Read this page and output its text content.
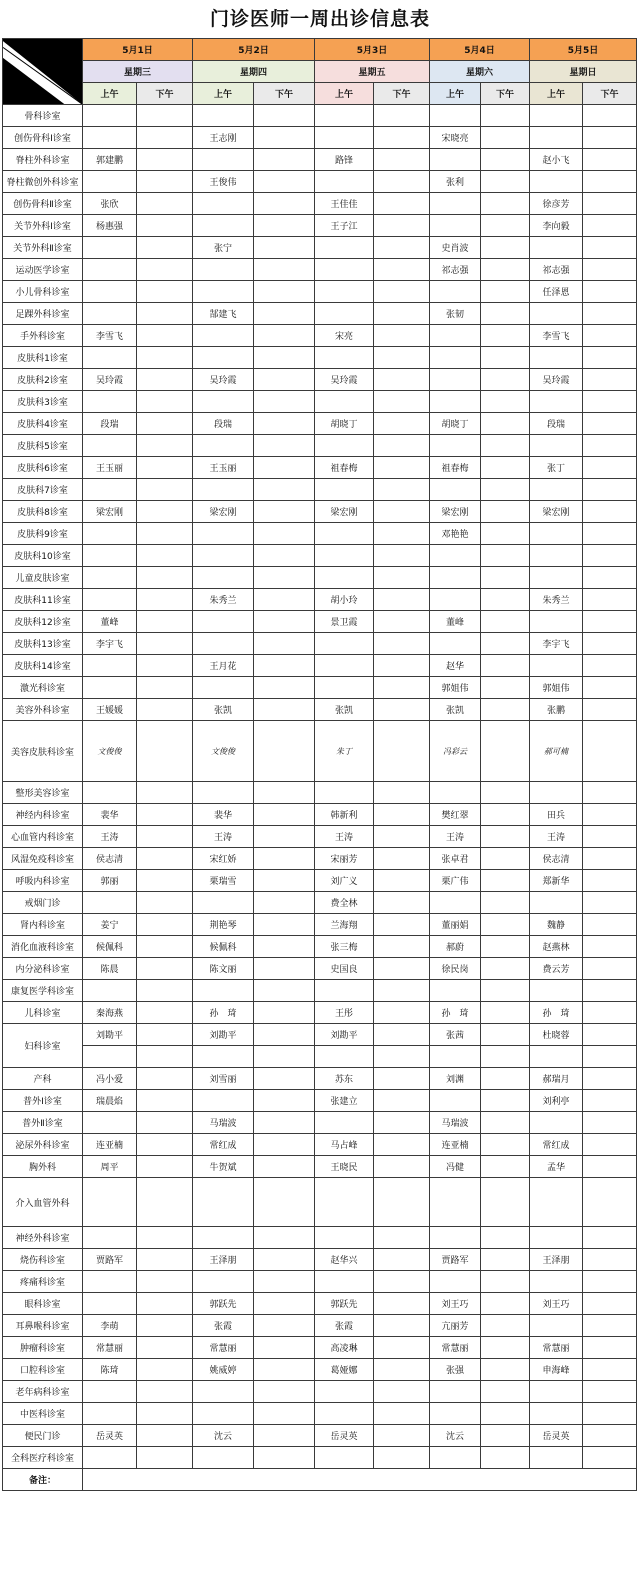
门诊医师一周出诊信息表
	5月1日		5月2日		5月3日		5月4日		5月5日	
	星期三		星期四		星期五		星期六		星期日	
	上午	下午	上午	下午	上午	下午	上午	下午	上午	下午
骨科诊室										
创伤骨科Ⅰ诊室			王志刚				宋晓亮			
脊柱外科诊室	郭建鹏				路锋				赵小飞	
脊柱微创外科诊室			王俊伟				张利			
创伤骨科Ⅱ诊室	张欣				王佳佳				徐彦芳	
关节外科Ⅰ诊室	杨惠强				王子江				李向毅	
关节外科Ⅱ诊室			张宁				史肖波			
运动医学诊室							祁志强		祁志强	
小儿骨科诊室									任泽恩	
足踝外科诊室			郜建飞				张韧			
手外科诊室	李雪飞				宋亮				李雪飞	
皮肤科1诊室										
皮肤科2诊室	吴玲霞		吴玲霞		吴玲霞				吴玲霞	
皮肤科3诊室										
皮肤科4诊室	段瑞		段瑞		胡晓丁		胡晓丁		段瑞	
皮肤科5诊室										
皮肤科6诊室	王玉丽		王玉丽		祖春梅		祖春梅		张丁	
皮肤科7诊室										
皮肤科8诊室	梁宏刚		梁宏刚		梁宏刚		梁宏刚		梁宏刚	
皮肤科9诊室							邓艳艳			
皮肤科10诊室										
儿童皮肤诊室										
皮肤科11诊室			朱秀兰		胡小玲				朱秀兰	
皮肤科12诊室	董峰				景卫霞		董峰			
皮肤科13诊室	李宇飞								李宇飞	
皮肤科14诊室			王月花				赵华			
激光科诊室							郭姐伟		郭姐伟	
美容外科诊室	王媛媛		张凯		张凯		张凯		张鹏	
美容皮肤科诊室	文俊俊		文俊俊		朱丁		冯彩云		郝可楠	
整形美容诊室										
神经内科诊室	裴华		裴华		韩新利		樊红翠		田兵	
心血管内科诊室	王涛		王涛		王涛		王涛		王涛	
风湿免疫科诊室	侯志清		宋红娇		宋丽芳		张卓君		侯志清	
呼吸内科诊室	郭丽		栗瑞雪		刘广义		栗广伟		郑新华	
戒烟门诊					费全林					
肾内科诊室	姜宁		荆艳琴		兰海翔		董丽娟		魏静	
消化血液科诊室	候佩科		候佩科		张三梅		郝蔚		赵燕林	
内分泌科诊室	陈晨		陈文丽		史国良		徐民岗		费云芳	
康复医学科诊室										
儿科诊室	秦海燕		孙　琦		王彤		孙　琦		孙　琦	
妇科诊室	刘勘平		刘勘平		刘勘平		张茜		杜晓蓉	

产科	冯小爱		刘雪丽		苏东		刘渊		郝瑞月	
普外Ⅰ诊室	瑞晨焰				张建立				刘利亭	
普外Ⅱ诊室			马瑞波				马瑞波			
泌尿外科诊室	连亚楠		常红成		马占峰		连亚楠		常红成	
胸外科	周平		牛贺斌		王晓民		冯健		孟华	
介入血管外科										
神经外科诊室										
烧伤科诊室	贾路军		王泽朋		赵华兴		贾路军		王泽朋	
疼痛科诊室										
眼科诊室			郭跃先		郭跃先		刘王巧		刘王巧	
耳鼻喉科诊室	李萌		张霞		张霞		亢丽芳			
肿瘤科诊室	常慧丽		常慧丽		高凌琳		常慧丽		常慧丽	
口腔科诊室	陈琦		姚威婷		葛娅娜		张强		申海峰	
老年病科诊室										
中医科诊室										
便民门诊	岳灵英		沈云		岳灵英		沈云		岳灵英	
全科医疗科诊室										
备注：										
